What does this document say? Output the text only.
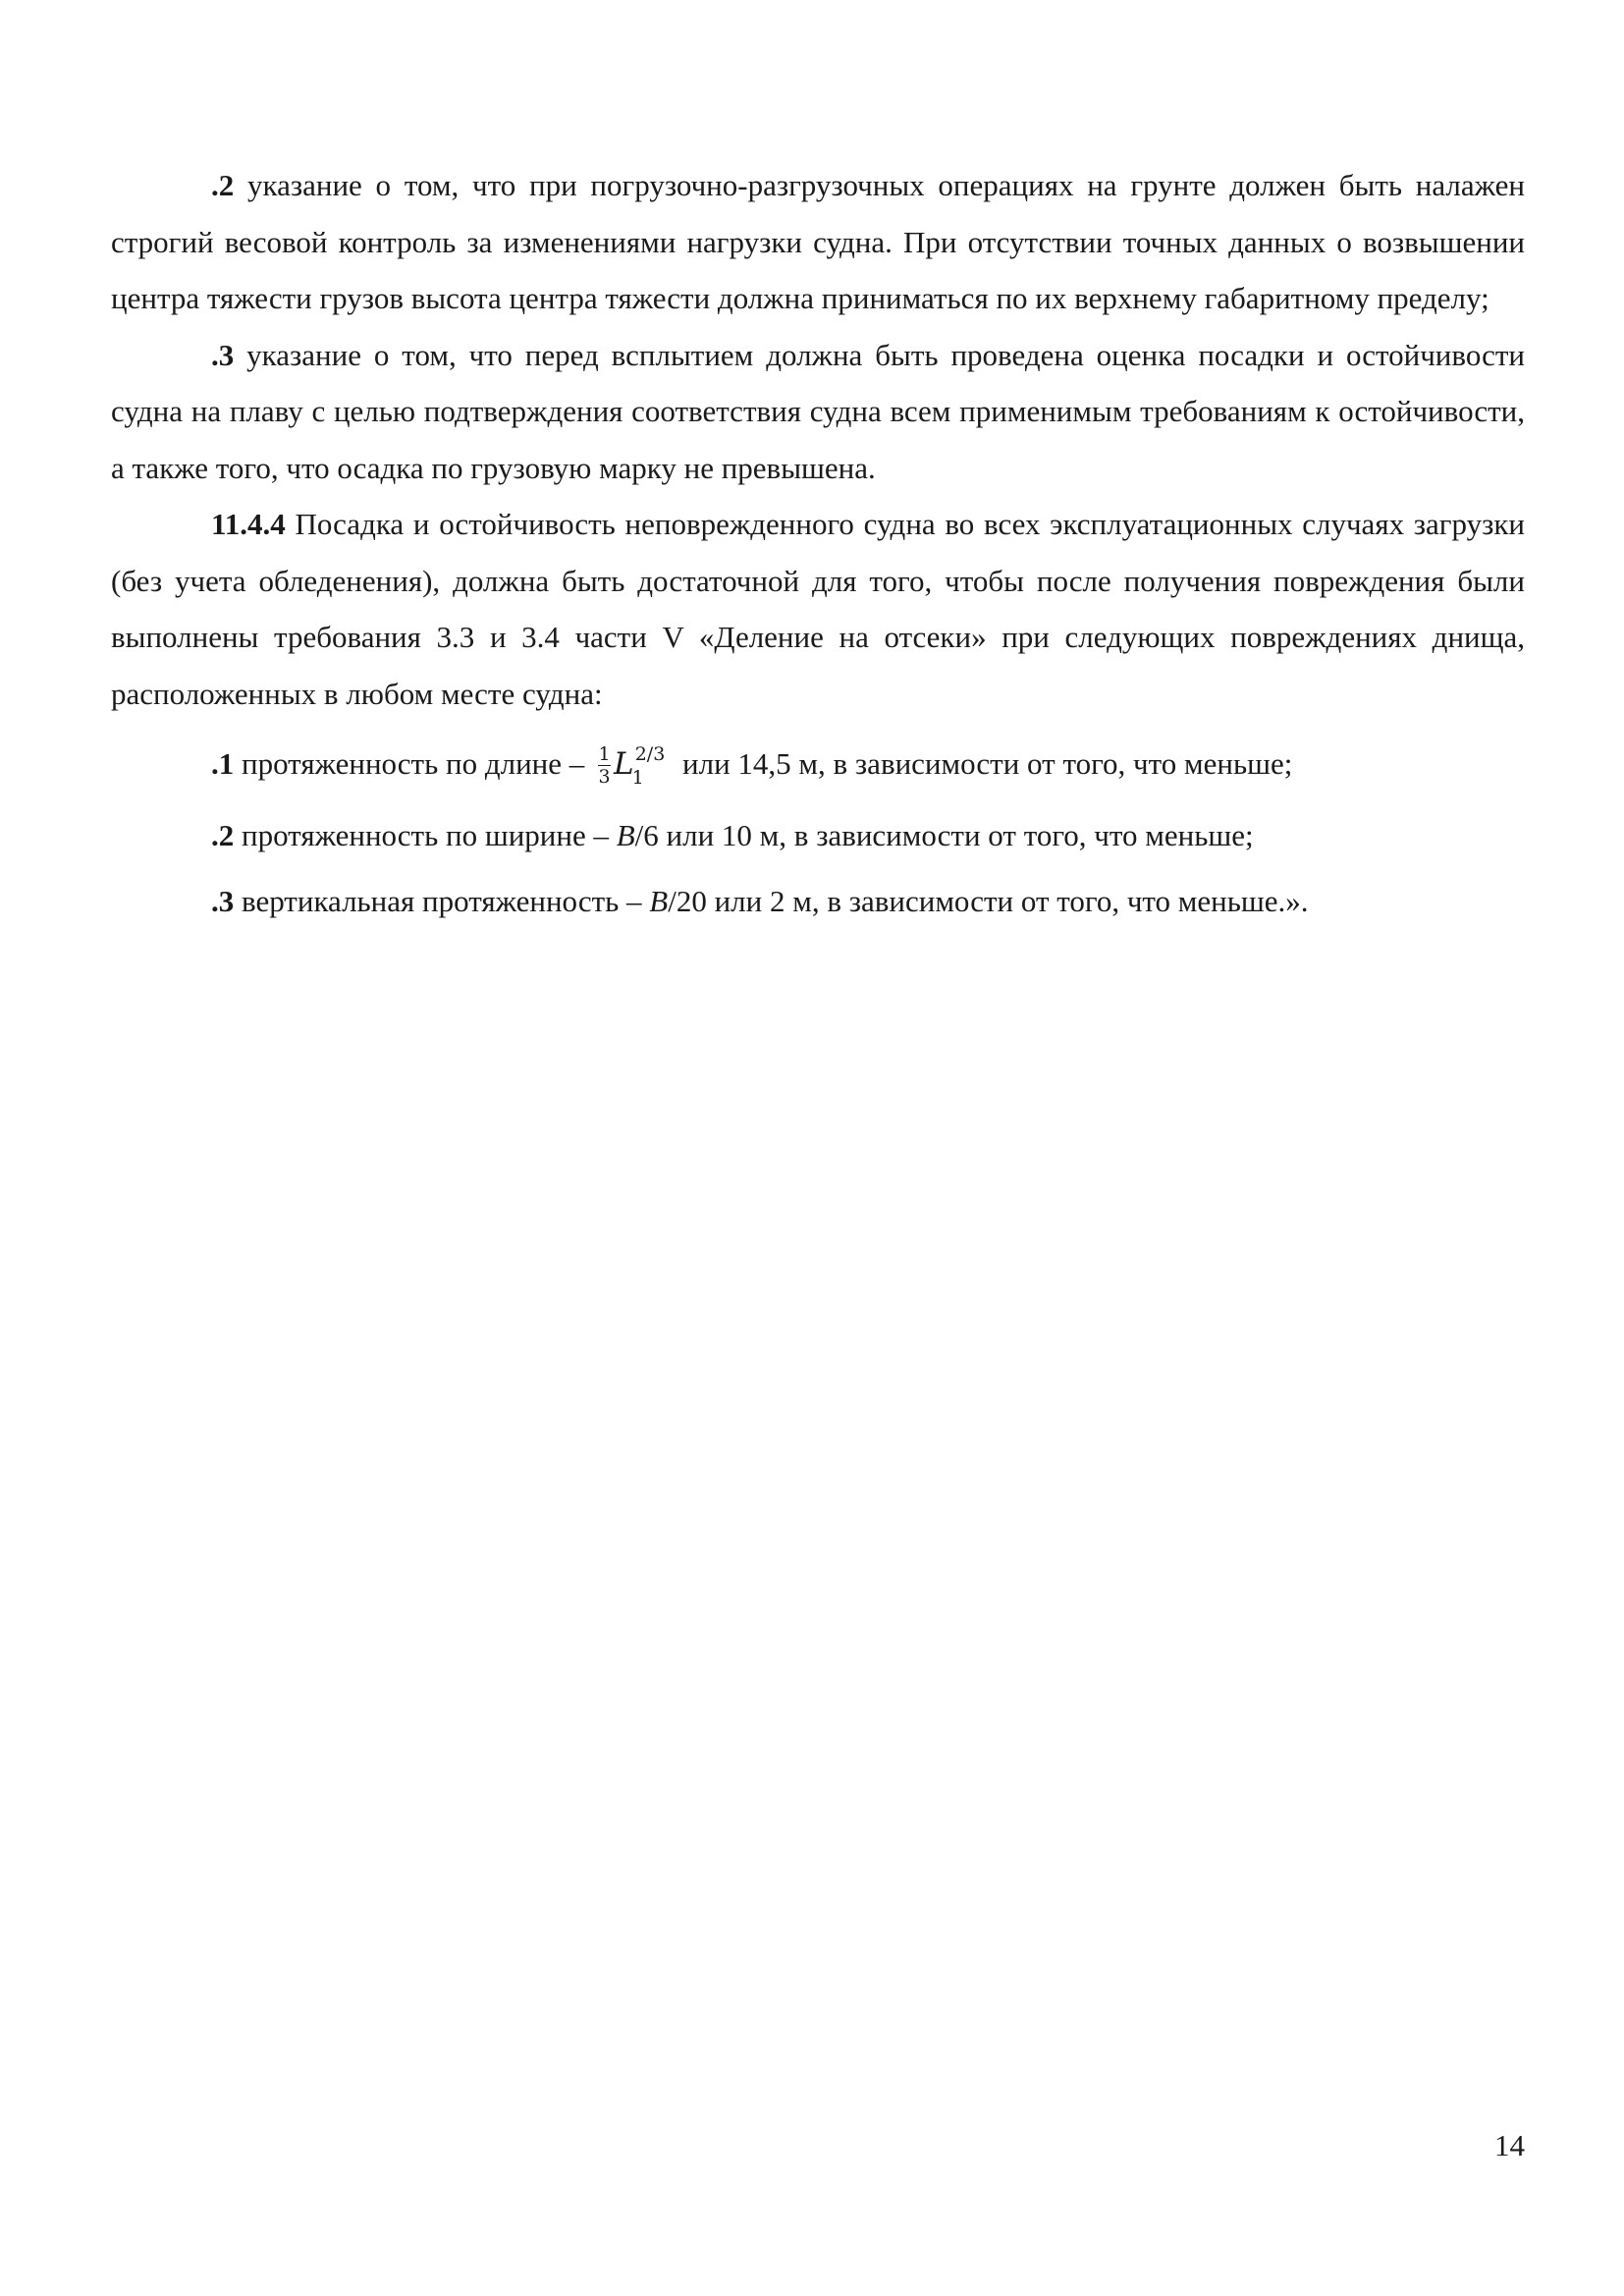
.2 указание о том, что при погрузочно-разгрузочных операциях на грунте должен быть налажен строгий весовой контроль за изменениями нагрузки судна. При отсутствии точных данных о возвышении центра тяжести грузов высота центра тяжести должна приниматься по их верхнему габаритному пределу;

.3 указание о том, что перед всплытием должна быть проведена оценка посадки и остойчивости судна на плаву с целью подтверждения соответствия судна всем применимым требованиям к остойчивости, а также того, что осадка по грузовую марку не превышена.

11.4.4 Посадка и остойчивость неповрежденного судна во всех эксплуатационных случаях загрузки (без учета обледенения), должна быть достаточной для того, чтобы после получения повреждения были выполнены требования 3.3 и 3.4 части V «Деление на отсеки» при следующих повреждениях днища, расположенных в любом месте судна:

.1 протяженность по длине – $\frac{1}{3} L_1^{2/3}$ или 14,5 м, в зависимости от того, что меньше;

.2 протяженность по ширине – B/6 или 10 м, в зависимости от того, что меньше;

.3 вертикальная протяженность – B/20 или 2 м, в зависимости от того, что меньше.».

14
